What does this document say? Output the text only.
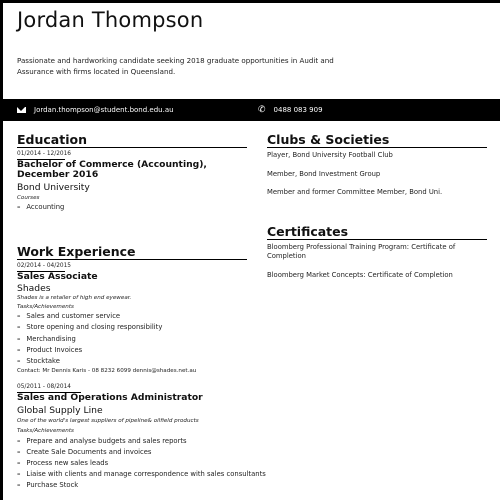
Jordan Thompson
Passionate and hardworking candidate seeking 2018 graduate opportunities in Audit and Assurance with firms located in Queensland.
Jordan.thompson@student.bond.edu.au	✆ 0488 083 909
Education
01/2014 - 12/2016
Bachelor of Commerce (Accounting), December 2016
Bond University
Courses
– Accounting
Work Experience
02/2014 - 04/2015
Sales Associate
Shades
Shades is a retailer of high end eyewear.
Tasks/Achievements
– Sales and customer service
– Store opening and closing responsibility
– Merchandising
– Product Invoices
– Stocktake
Contact: Mr Dennis Karis - 08 8232 6099 dennis@shades.net.au
05/2011 - 08/2014
Sales and Operations Administrator
Global Supply Line
One of the world's largest suppliers of pipeline& oilfield products
Tasks/Achievements
– Prepare and analyse budgets and sales reports
– Create Sale Documents and invoices
– Process new sales leads
– Liaise with clients and manage correspondence with sales consultants
– Purchase Stock
Clubs & Societies
Player, Bond University Football Club
Member, Bond Investment Group
Member and former Committee Member, Bond Uni.
Certificates
Bloomberg Professional Training Program: Certificate of Completion
Bloomberg Market Concepts: Certificate of Completion
